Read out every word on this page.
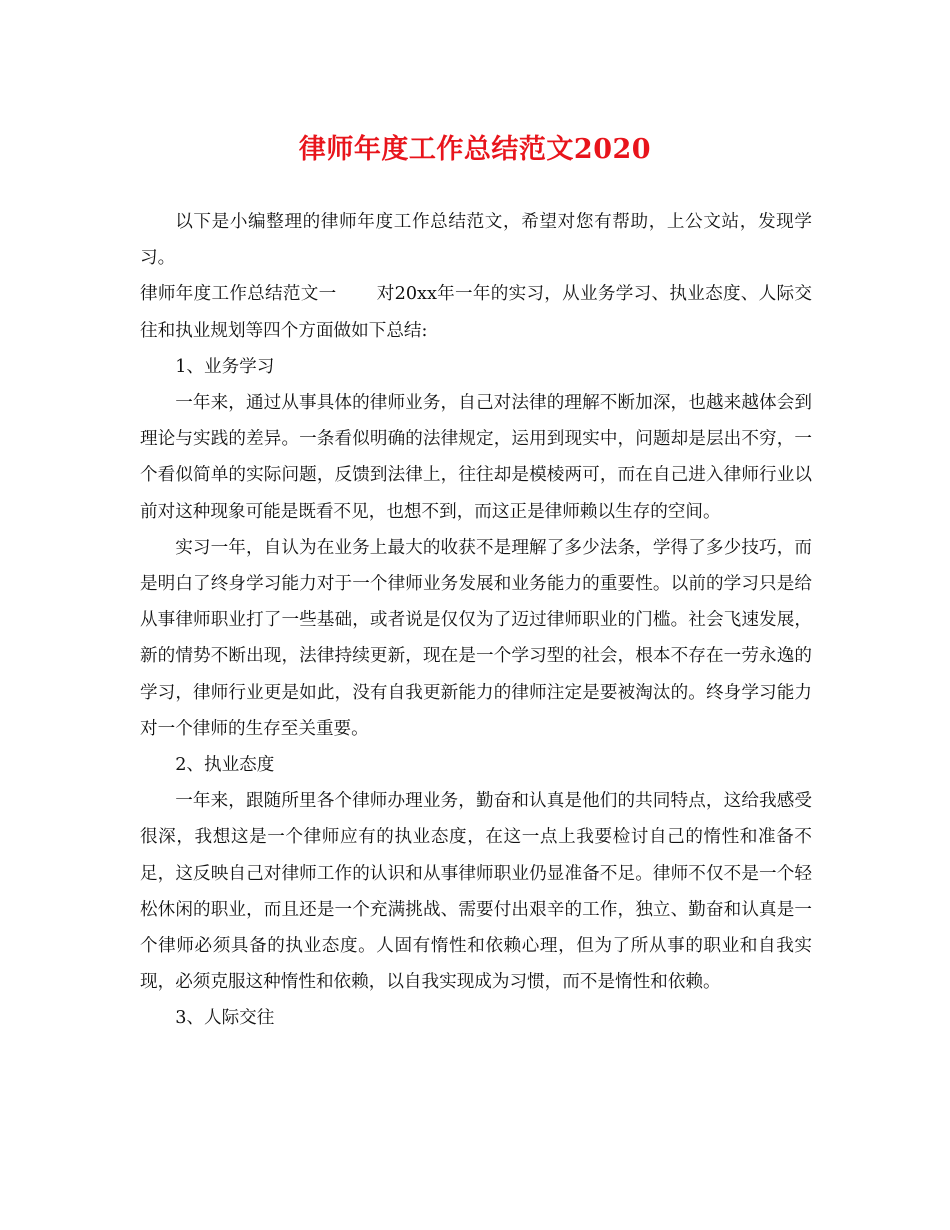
律师年度工作总结范文2020

以下是小编整理的律师年度工作总结范文，希望对您有帮助，上公文站，发现学习。

律师年度工作总结范文一 对20xx年一年的实习，从业务学习、执业态度、人际交往和执业规划等四个方面做如下总结:

1、业务学习

一年来，通过从事具体的律师业务，自己对法律的理解不断加深，也越来越体会到理论与实践的差异。一条看似明确的法律规定，运用到现实中，问题却是层出不穷，一个看似简单的实际问题，反馈到法律上，往往却是模棱两可，而在自己进入律师行业以前对这种现象可能是既看不见，也想不到，而这正是律师赖以生存的空间。

实习一年，自认为在业务上最大的收获不是理解了多少法条，学得了多少技巧，而是明白了终身学习能力对于一个律师业务发展和业务能力的重要性。以前的学习只是给从事律师职业打了一些基础，或者说是仅仅为了迈过律师职业的门槛。社会飞速发展，新的情势不断出现，法律持续更新，现在是一个学习型的社会，根本不存在一劳永逸的学习，律师行业更是如此，没有自我更新能力的律师注定是要被淘汰的。终身学习能力对一个律师的生存至关重要。

2、执业态度

一年来，跟随所里各个律师办理业务，勤奋和认真是他们的共同特点，这给我感受很深，我想这是一个律师应有的执业态度，在这一点上我要检讨自己的惰性和准备不足，这反映自己对律师工作的认识和从事律师职业仍显准备不足。律师不仅不是一个轻松休闲的职业，而且还是一个充满挑战、需要付出艰辛的工作，独立、勤奋和认真是一个律师必须具备的执业态度。人固有惰性和依赖心理，但为了所从事的职业和自我实现，必须克服这种惰性和依赖，以自我实现成为习惯，而不是惰性和依赖。

3、人际交往
